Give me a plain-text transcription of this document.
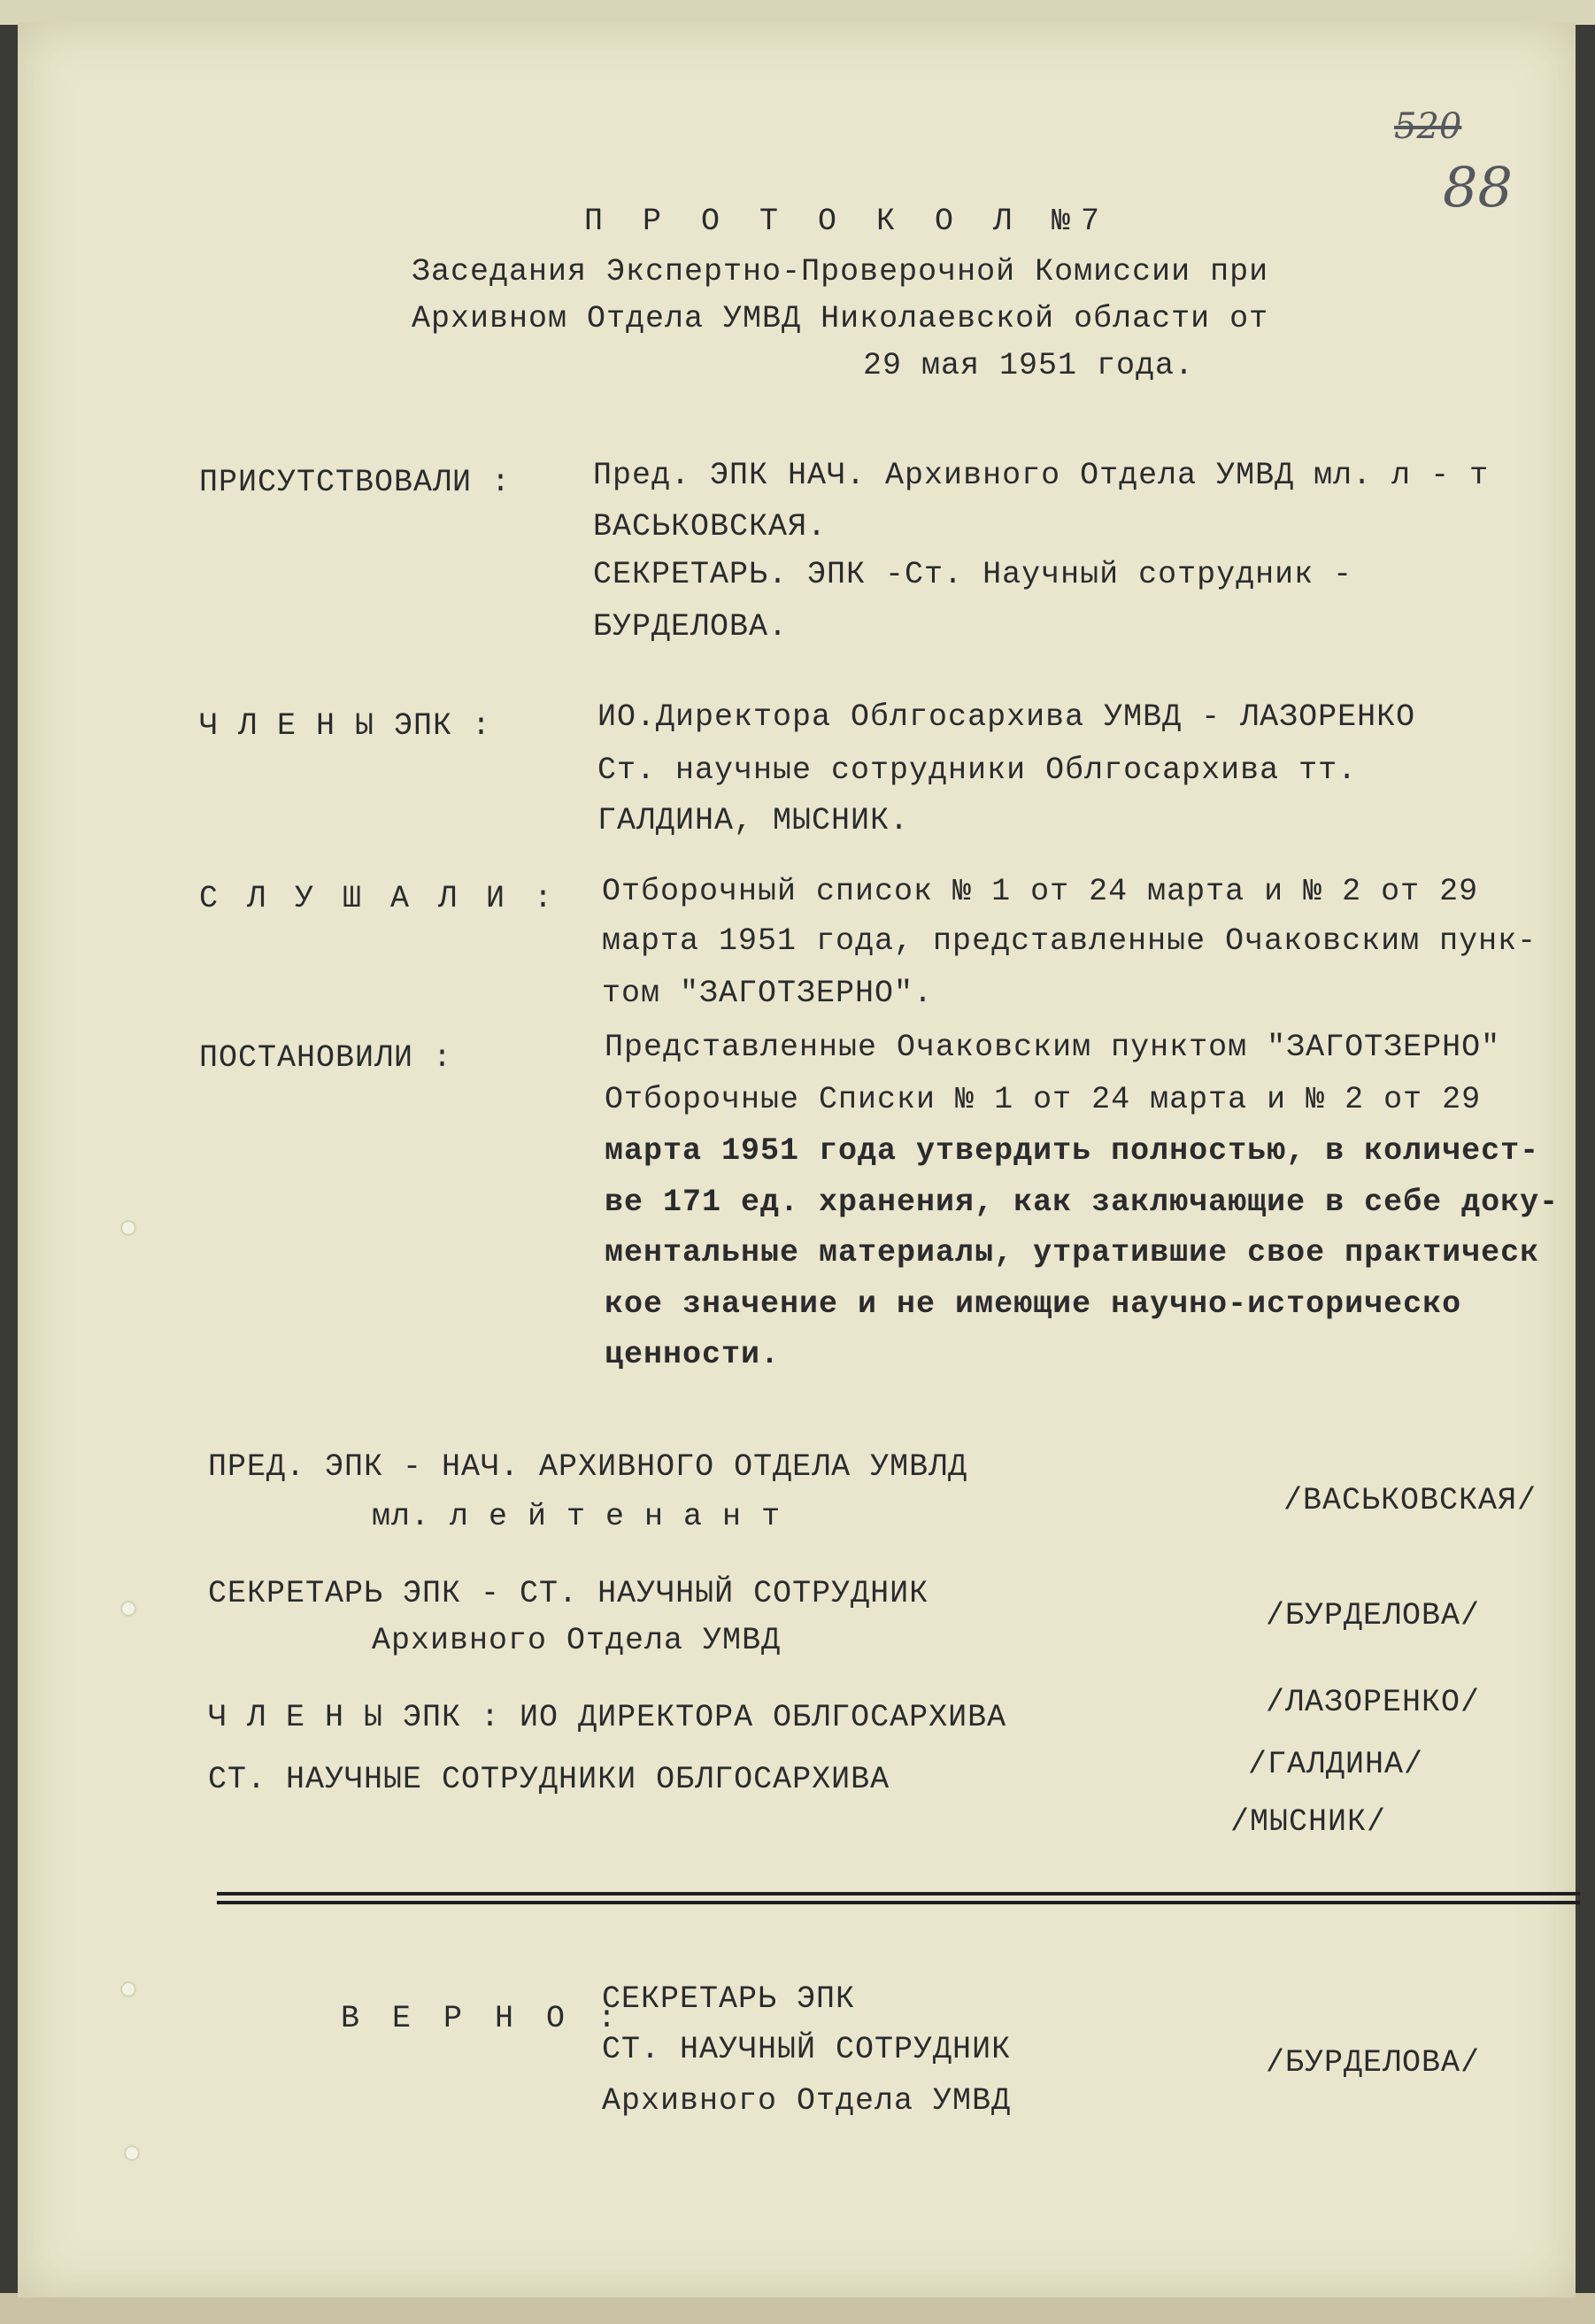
520
88
П Р О Т О К О Л №7
Заседания Экспертно-Проверочной Комиссии при
Архивном Отдела УМВД Николаевской области от
29 мая 1951 года.
ПРИСУТСТВОВАЛИ :	Пред. ЭПК НАЧ. Архивного Отдела УМВД мл. л - т
ВАСЬКОВСКАЯ.
СЕКРЕТАРЬ. ЭПК -Ст. Научный сотрудник -
БУРДЕЛОВА.
Ч Л Е Н Ы ЭПК :	ИО.Директора Облгосархива УМВД - ЛАЗОРЕНКО
Ст. научные сотрудники Облгосархива тт.
ГАЛДИНА, МЫСНИК.
С Л У Ш А Л И : Отборочный список № 1 от 24 марта и № 2 от 29
марта 1951 года, представленные Очаковским пунк-
том "ЗАГОТЗЕРНО".
ПОСТАНОВИЛИ :	Представленные Очаковским пунктом "ЗАГОТЗЕРНО"
Отборочные Списки № 1 от 24 марта и № 2 от 29
марта 1951 года утвердить полностью, в количест-
ве 171 ед. хранения, как заключающие в себе доку-
ментальные материалы, утратившие свое практическ
кое значение и не имеющие научно-историческо
ценности.
ПРЕД. ЭПК - НАЧ. АРХИВНОГО ОТДЕЛА УМВЛД
мл. л е й т е н а н т	/ВАСЬКОВСКАЯ/
СЕКРЕТАРЬ ЭПК - СТ. НАУЧНЫЙ СОТРУДНИК
Архивного Отдела УМВД
/БУРДЕЛОВА/
Ч Л Е Н Ы ЭПК : ИО ДИРЕКТОРА ОБЛГОСАРХИВА	/ЛАЗОРЕНКО/
СТ. НАУЧНЫЕ СОТРУДНИКИ ОБЛГОСАРХИВА	/ГАЛДИНА/
/МЫСНИК/
В Е Р Н О :
СЕКРЕТАРЬ ЭПК
СТ. НАУЧНЫЙ СОТРУДНИК
Архивного Отдела УМВД
/БУРДЕЛОВА/
